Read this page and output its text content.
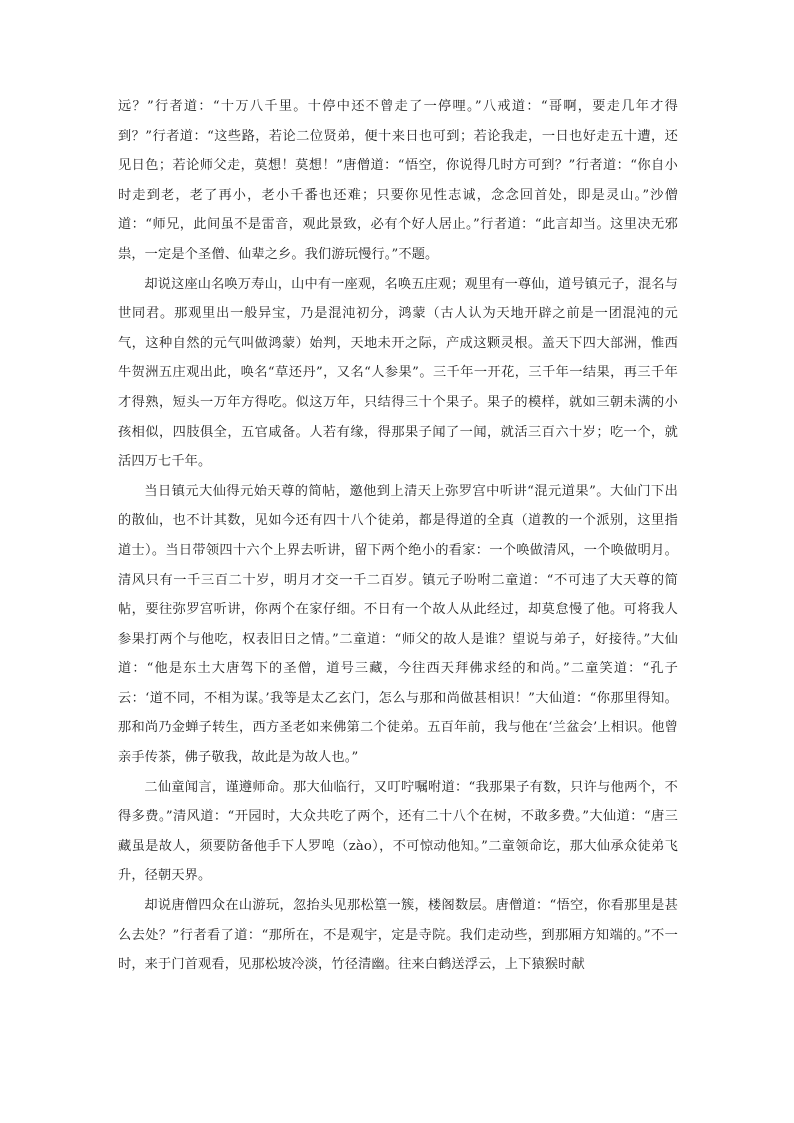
远？”行者道：“十万八千里。十停中还不曾走了一停哩。”八戒道：“哥啊，要走几年才得到？”行者道：“这些路，若论二位贤弟，便十来日也可到；若论我走，一日也好走五十遭，还见日色；若论师父走，莫想！莫想！”唐僧道：“悟空，你说得几时方可到？”行者道：“你自小时走到老，老了再小，老小千番也还难；只要你见性志诚，念念回首处，即是灵山。”沙僧道：“师兄，此间虽不是雷音，观此景致，必有个好人居止。”行者道：“此言却当。这里决无邪祟，一定是个圣僧、仙辈之乡。我们游玩慢行。”不题。

却说这座山名唤万寿山，山中有一座观，名唤五庄观；观里有一尊仙，道号镇元子，混名与世同君。那观里出一般异宝，乃是混沌初分，鸿蒙（古人认为天地开辟之前是一团混沌的元气，这种自然的元气叫做鸿蒙）始判，天地未开之际，产成这颗灵根。盖天下四大部洲，惟西牛贺洲五庄观出此，唤名“草还丹”，又名“人参果”。三千年一开花，三千年一结果，再三千年才得熟，短头一万年方得吃。似这万年，只结得三十个果子。果子的模样，就如三朝未满的小孩相似，四肢俱全，五官咸备。人若有缘，得那果子闻了一闻，就活三百六十岁；吃一个，就活四万七千年。

当日镇元大仙得元始天尊的简帖，邀他到上清天上弥罗宫中听讲“混元道果”。大仙门下出的散仙，也不计其数，见如今还有四十八个徒弟，都是得道的全真（道教的一个派别，这里指道士）。当日带领四十六个上界去听讲，留下两个绝小的看家：一个唤做清风，一个唤做明月。清风只有一千三百二十岁，明月才交一千二百岁。镇元子吩咐二童道：“不可违了大天尊的简帖，要往弥罗宫听讲，你两个在家仔细。不日有一个故人从此经过，却莫怠慢了他。可将我人参果打两个与他吃，权表旧日之情。”二童道：“师父的故人是谁？望说与弟子，好接待。”大仙道：“他是东土大唐驾下的圣僧，道号三藏，今往西天拜佛求经的和尚。”二童笑道：“孔子云：‘道不同，不相为谋。’我等是太乙玄门，怎么与那和尚做甚相识！”大仙道：“你那里得知。那和尚乃金蝉子转生，西方圣老如来佛第二个徒弟。五百年前，我与他在‘兰盆会’上相识。他曾亲手传茶，佛子敬我，故此是为故人也。”

二仙童闻言，谨遵师命。那大仙临行，又叮咛嘱咐道：“我那果子有数，只许与他两个，不得多费。”清风道：“开园时，大众共吃了两个，还有二十八个在树，不敢多费。”大仙道：“唐三藏虽是故人，须要防备他手下人罗唣（zào），不可惊动他知。”二童领命讫，那大仙承众徒弟飞升，径朝天界。

却说唐僧四众在山游玩，忽抬头见那松篁一簇，楼阁数层。唐僧道：“悟空，你看那里是甚么去处？”行者看了道：“那所在，不是观宇，定是寺院。我们走动些，到那厢方知端的。”不一时，来于门首观看，见那松坡冷淡，竹径清幽。往来白鹤送浮云，上下猿猴时献
